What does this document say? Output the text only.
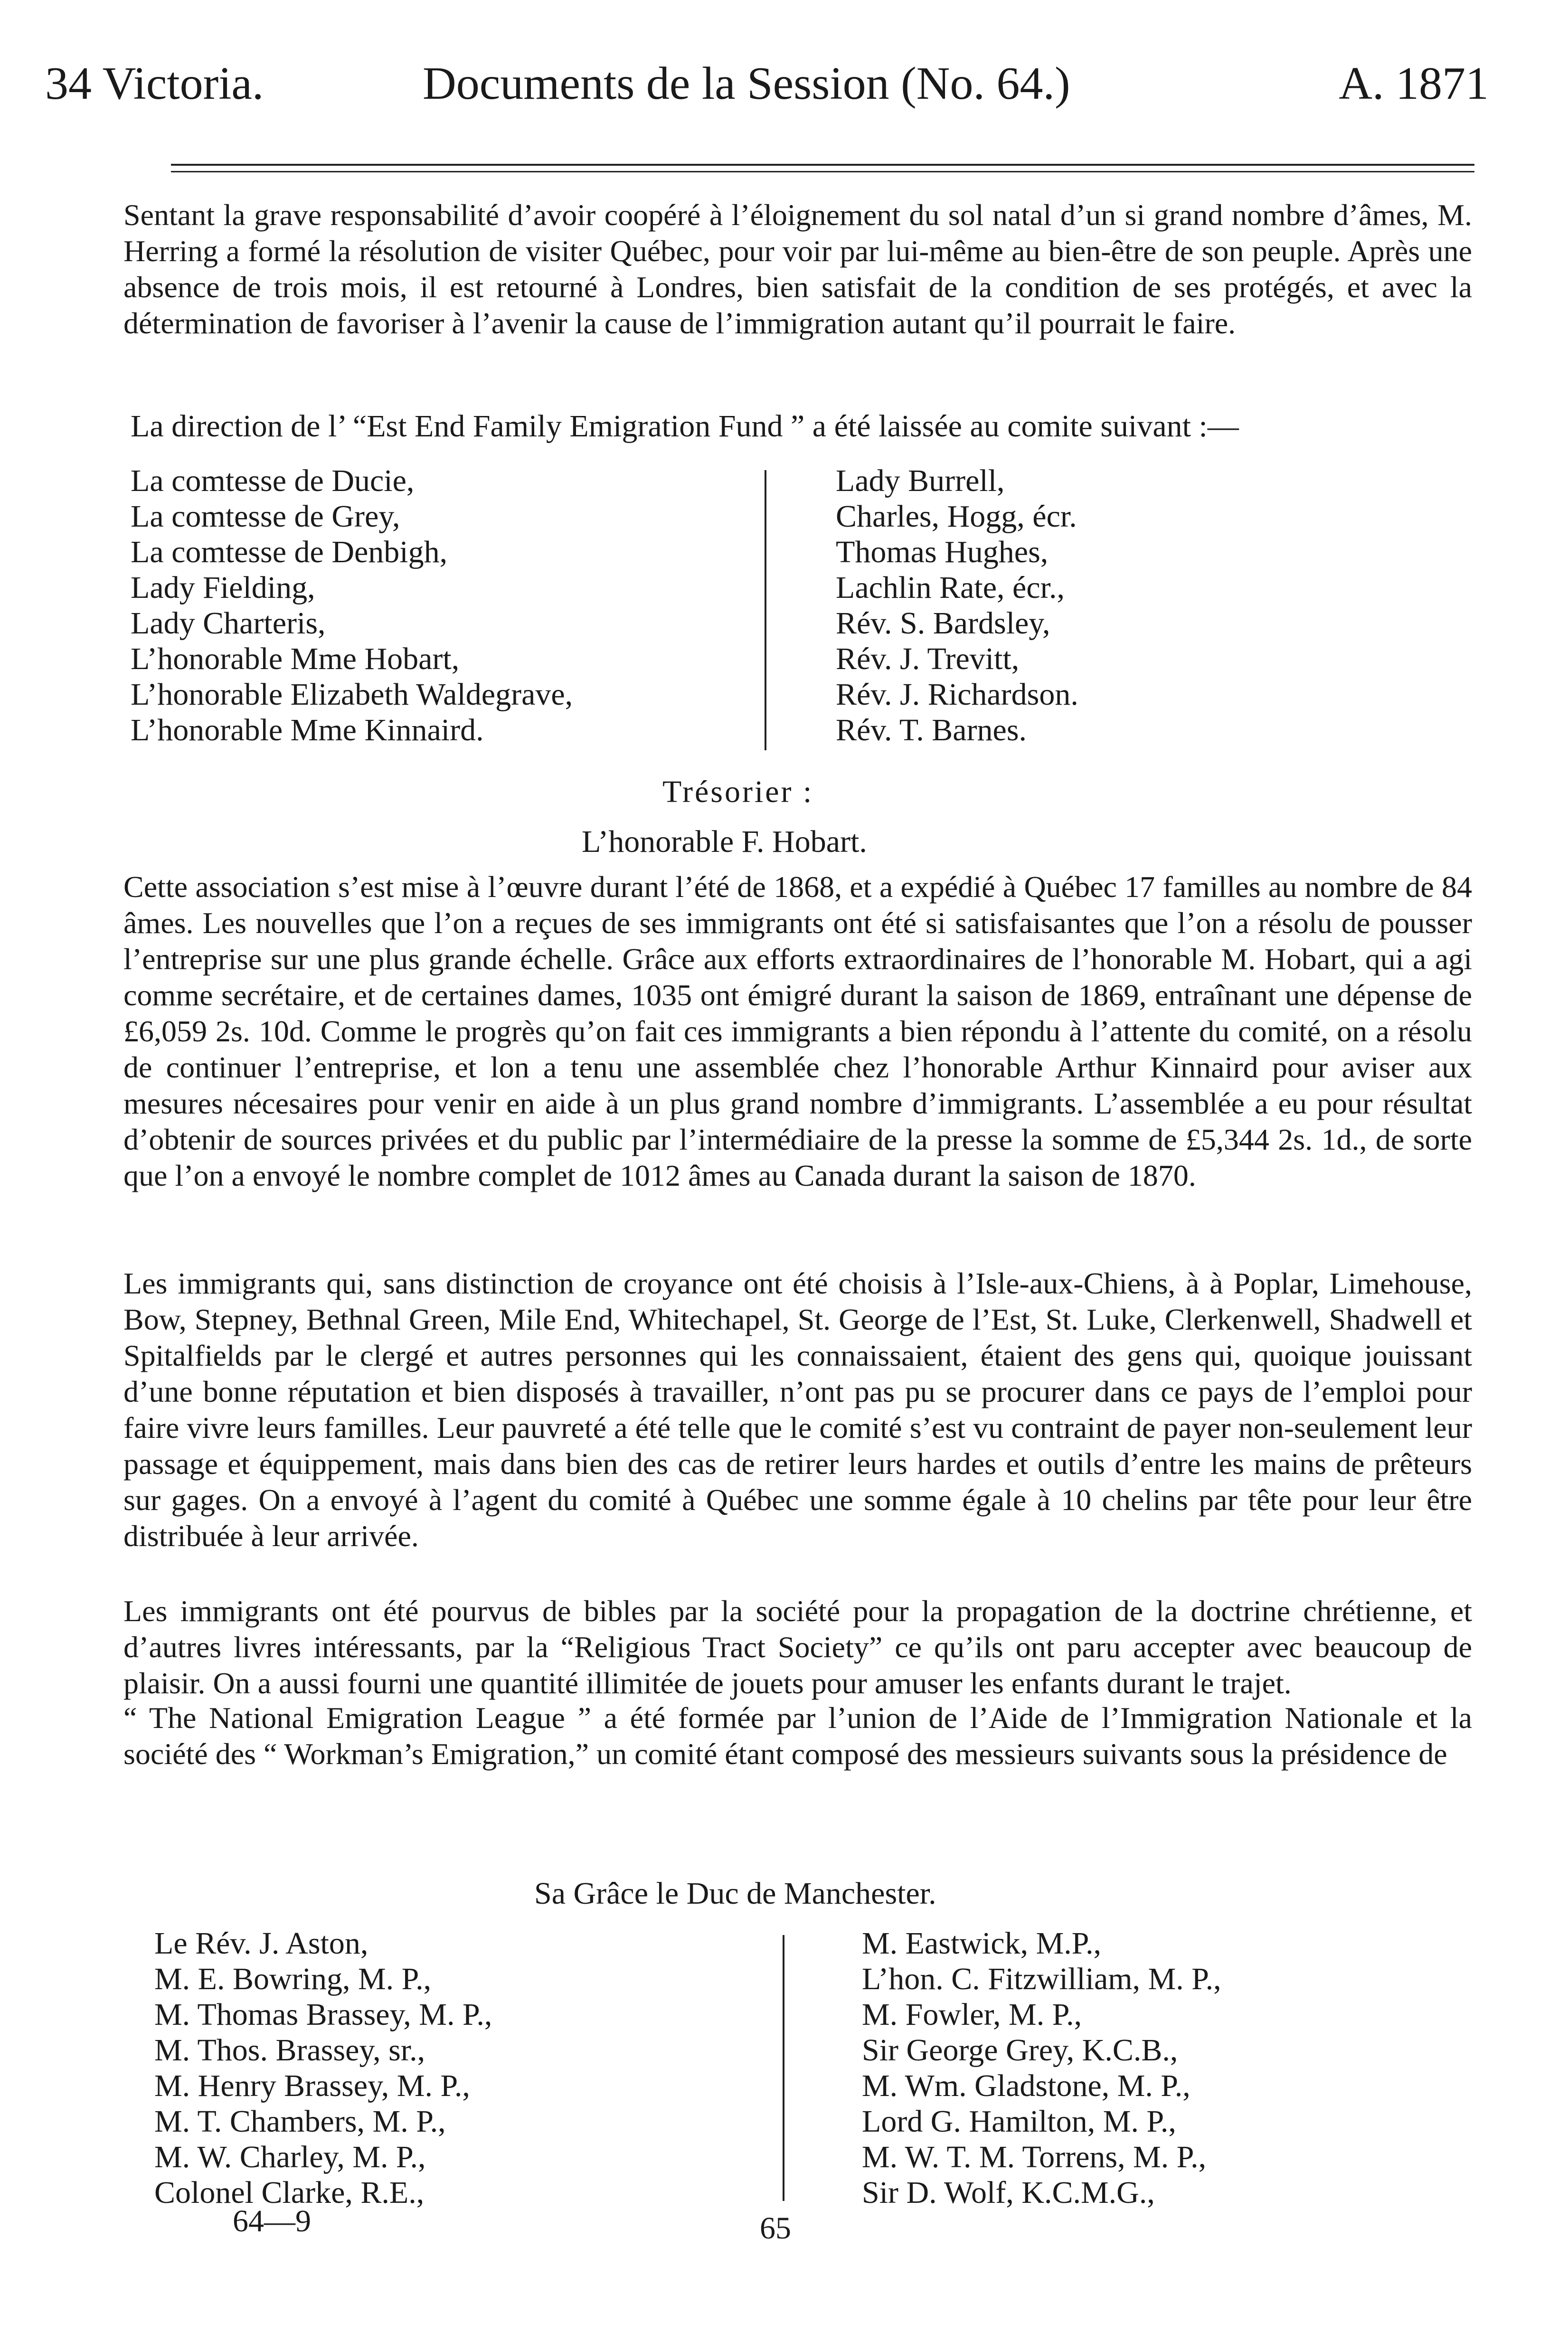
34 Victoria.	Documents de la Session (No. 64.)	A. 1871

Sentant la grave responsabilité d’avoir coopéré à l’éloignement du sol natal d’un si grand nombre d’âmes, M. Herring a formé la résolution de visiter Québec, pour voir par lui-même au bien-être de son peuple. Après une absence de trois mois, il est retourné à Londres, bien satisfait de la condition de ses protégés, et avec la détermination de favoriser à l’avenir la cause de l’immigration autant qu’il pourrait le faire.

La direction de l’ “Est End Family Emigration Fund ” a été laissée au comite suivant :—
La comtesse de Ducie,
La comtesse de Grey,
La comtesse de Denbigh,
Lady Fielding,
Lady Charteris,
L’honorable Mme Hobart,
L’honorable Elizabeth Waldegrave,
L’honorable Mme Kinnaird.
Lady Burrell,
Charles, Hogg, écr.
Thomas Hughes,
Lachlin Rate, écr.,
Rév. S. Bardsley,
Rév. J. Trevitt,
Rév. J. Richardson.
Rév. T. Barnes.
Trésorier :
L’honorable F. Hobart.

Cette association s’est mise à l’œuvre durant l’été de 1868, et a expédié à Québec 17 familles au nombre de 84 âmes. Les nouvelles que l’on a reçues de ses immigrants ont été si satisfaisantes que l’on a résolu de pousser l’entreprise sur une plus grande échelle. Grâce aux efforts extraordinaires de l’honorable M. Hobart, qui a agi comme secrétaire, et de certaines dames, 1035 ont émigré durant la saison de 1869, entraînant une dépense de £6,059 2s. 10d. Comme le progrès qu’on fait ces immigrants a bien répondu à l’attente du comité, on a résolu de continuer l’entreprise, et lon a tenu une assemblée chez l’honorable Arthur Kinnaird pour aviser aux mesures nécesaires pour venir en aide à un plus grand nombre d’immigrants. L’assemblée a eu pour résultat d’obtenir de sources privées et du public par l’intermédiaire de la presse la somme de £5,344 2s. 1d., de sorte que l’on a envoyé le nombre complet de 1012 âmes au Canada durant la saison de 1870.

Les immigrants qui, sans distinction de croyance ont été choisis à l’Isle-aux-Chiens, à à Poplar, Limehouse, Bow, Stepney, Bethnal Green, Mile End, Whitechapel, St. George de l’Est, St. Luke, Clerkenwell, Shadwell et Spitalfields par le clergé et autres personnes qui les connaissaient, étaient des gens qui, quoique jouissant d’une bonne réputation et bien disposés à travailler, n’ont pas pu se procurer dans ce pays de l’emploi pour faire vivre leurs familles. Leur pauvreté a été telle que le comité s’est vu contraint de payer non-seulement leur passage et équippement, mais dans bien des cas de retirer leurs hardes et outils d’entre les mains de prêteurs sur gages. On a envoyé à l’agent du comité à Québec une somme égale à 10 chelins par tête pour leur être distribuée à leur arrivée.

Les immigrants ont été pourvus de bibles par la société pour la propagation de la doctrine chrétienne, et d’autres livres intéressants, par la “Religious Tract Society” ce qu’ils ont paru accepter avec beaucoup de plaisir. On a aussi fourni une quantité illimitée de jouets pour amuser les enfants durant le trajet.

“ The National Emigration League ” a été formée par l’union de l’Aide de l’Immigration Nationale et la société des “ Workman’s Emigration,” un comité étant composé des messieurs suivants sous la présidence de

Sa Grâce le Duc de Manchester.
Le Rév. J. Aston,
M. E. Bowring, M. P.,
M. Thomas Brassey, M. P.,
M. Thos. Brassey, sr.,
M. Henry Brassey, M. P.,
M. T. Chambers, M. P.,
M. W. Charley, M. P.,
Colonel Clarke, R.E.,
M. Eastwick, M.P.,
L’hon. C. Fitzwilliam, M. P.,
M. Fowler, M. P.,
Sir George Grey, K.C.B.,
M. Wm. Gladstone, M. P.,
Lord G. Hamilton, M. P.,
M. W. T. M. Torrens, M. P.,
Sir D. Wolf, K.C.M.G.,
64—9	65
